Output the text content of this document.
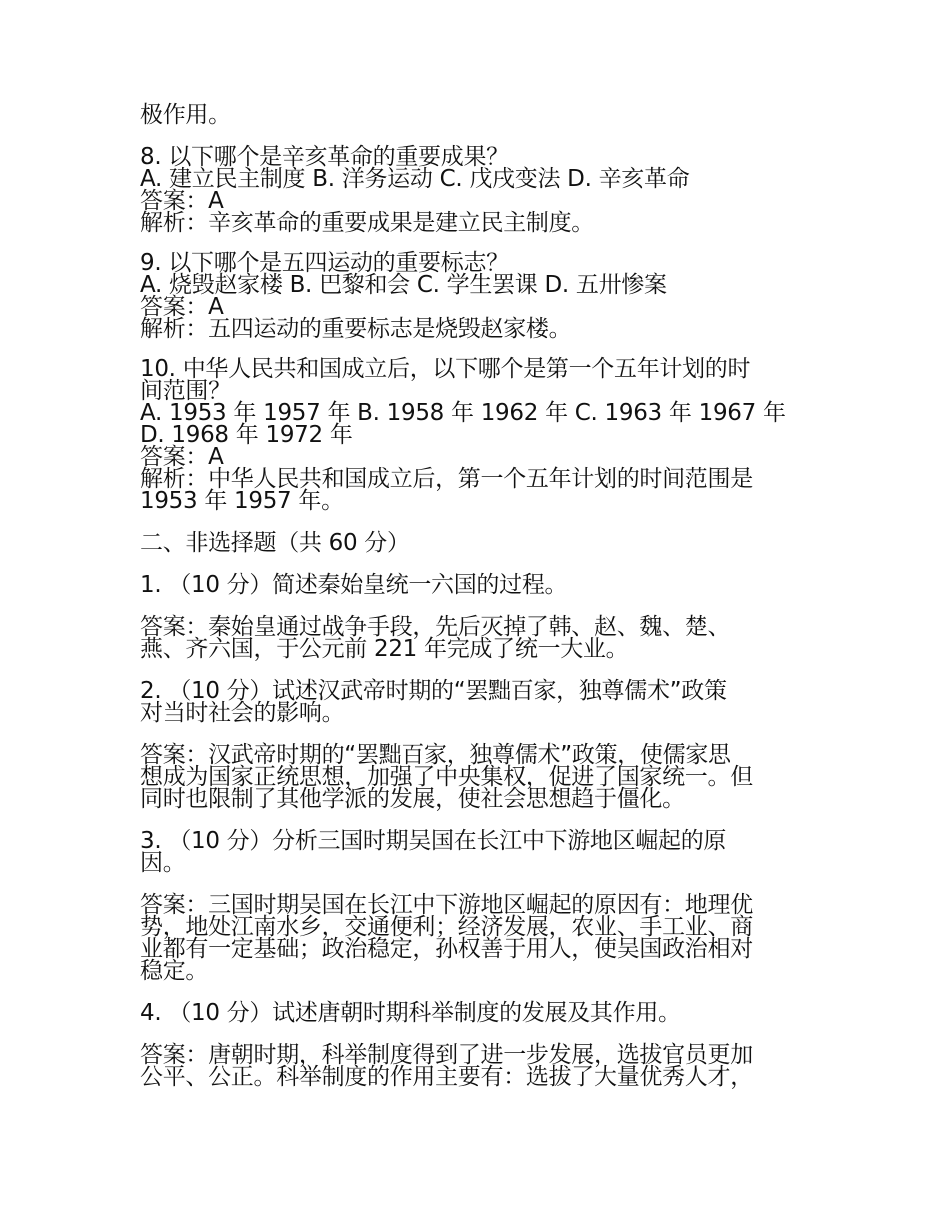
极作用。

8. 以下哪个是辛亥革命的重要成果？

A. 建立民主制度 B. 洋务运动 C. 戊戌变法 D. 辛亥革命

答案：A

解析：辛亥革命的重要成果是建立民主制度。

9. 以下哪个是五四运动的重要标志？

A. 烧毁赵家楼 B. 巴黎和会 C. 学生罢课 D. 五卅惨案

答案：A

解析：五四运动的重要标志是烧毁赵家楼。

10. 中华人民共和国成立后，以下哪个是第一个五年计划的时

间范围？

A. 1953 年 1957 年 B. 1958 年 1962 年 C. 1963 年 1967 年

D. 1968 年 1972 年

答案：A

解析：中华人民共和国成立后，第一个五年计划的时间范围是

1953 年 1957 年。

二、非选择题（共 60 分）

1. （10 分）简述秦始皇统一六国的过程。

答案：秦始皇通过战争手段，先后灭掉了韩、赵、魏、楚、

燕、齐六国，于公元前 221 年完成了统一大业。

2. （10 分）试述汉武帝时期的“罢黜百家，独尊儒术”政策

对当时社会的影响。

答案：汉武帝时期的“罢黜百家，独尊儒术”政策，使儒家思

想成为国家正统思想，加强了中央集权，促进了国家统一。但

同时也限制了其他学派的发展，使社会思想趋于僵化。

3. （10 分）分析三国时期吴国在长江中下游地区崛起的原

因。

答案：三国时期吴国在长江中下游地区崛起的原因有：地理优

势，地处江南水乡，交通便利；经济发展，农业、手工业、商

业都有一定基础；政治稳定，孙权善于用人，使吴国政治相对

稳定。

4. （10 分）试述唐朝时期科举制度的发展及其作用。

答案：唐朝时期，科举制度得到了进一步发展，选拔官员更加

公平、公正。科举制度的作用主要有：选拔了大量优秀人才，
